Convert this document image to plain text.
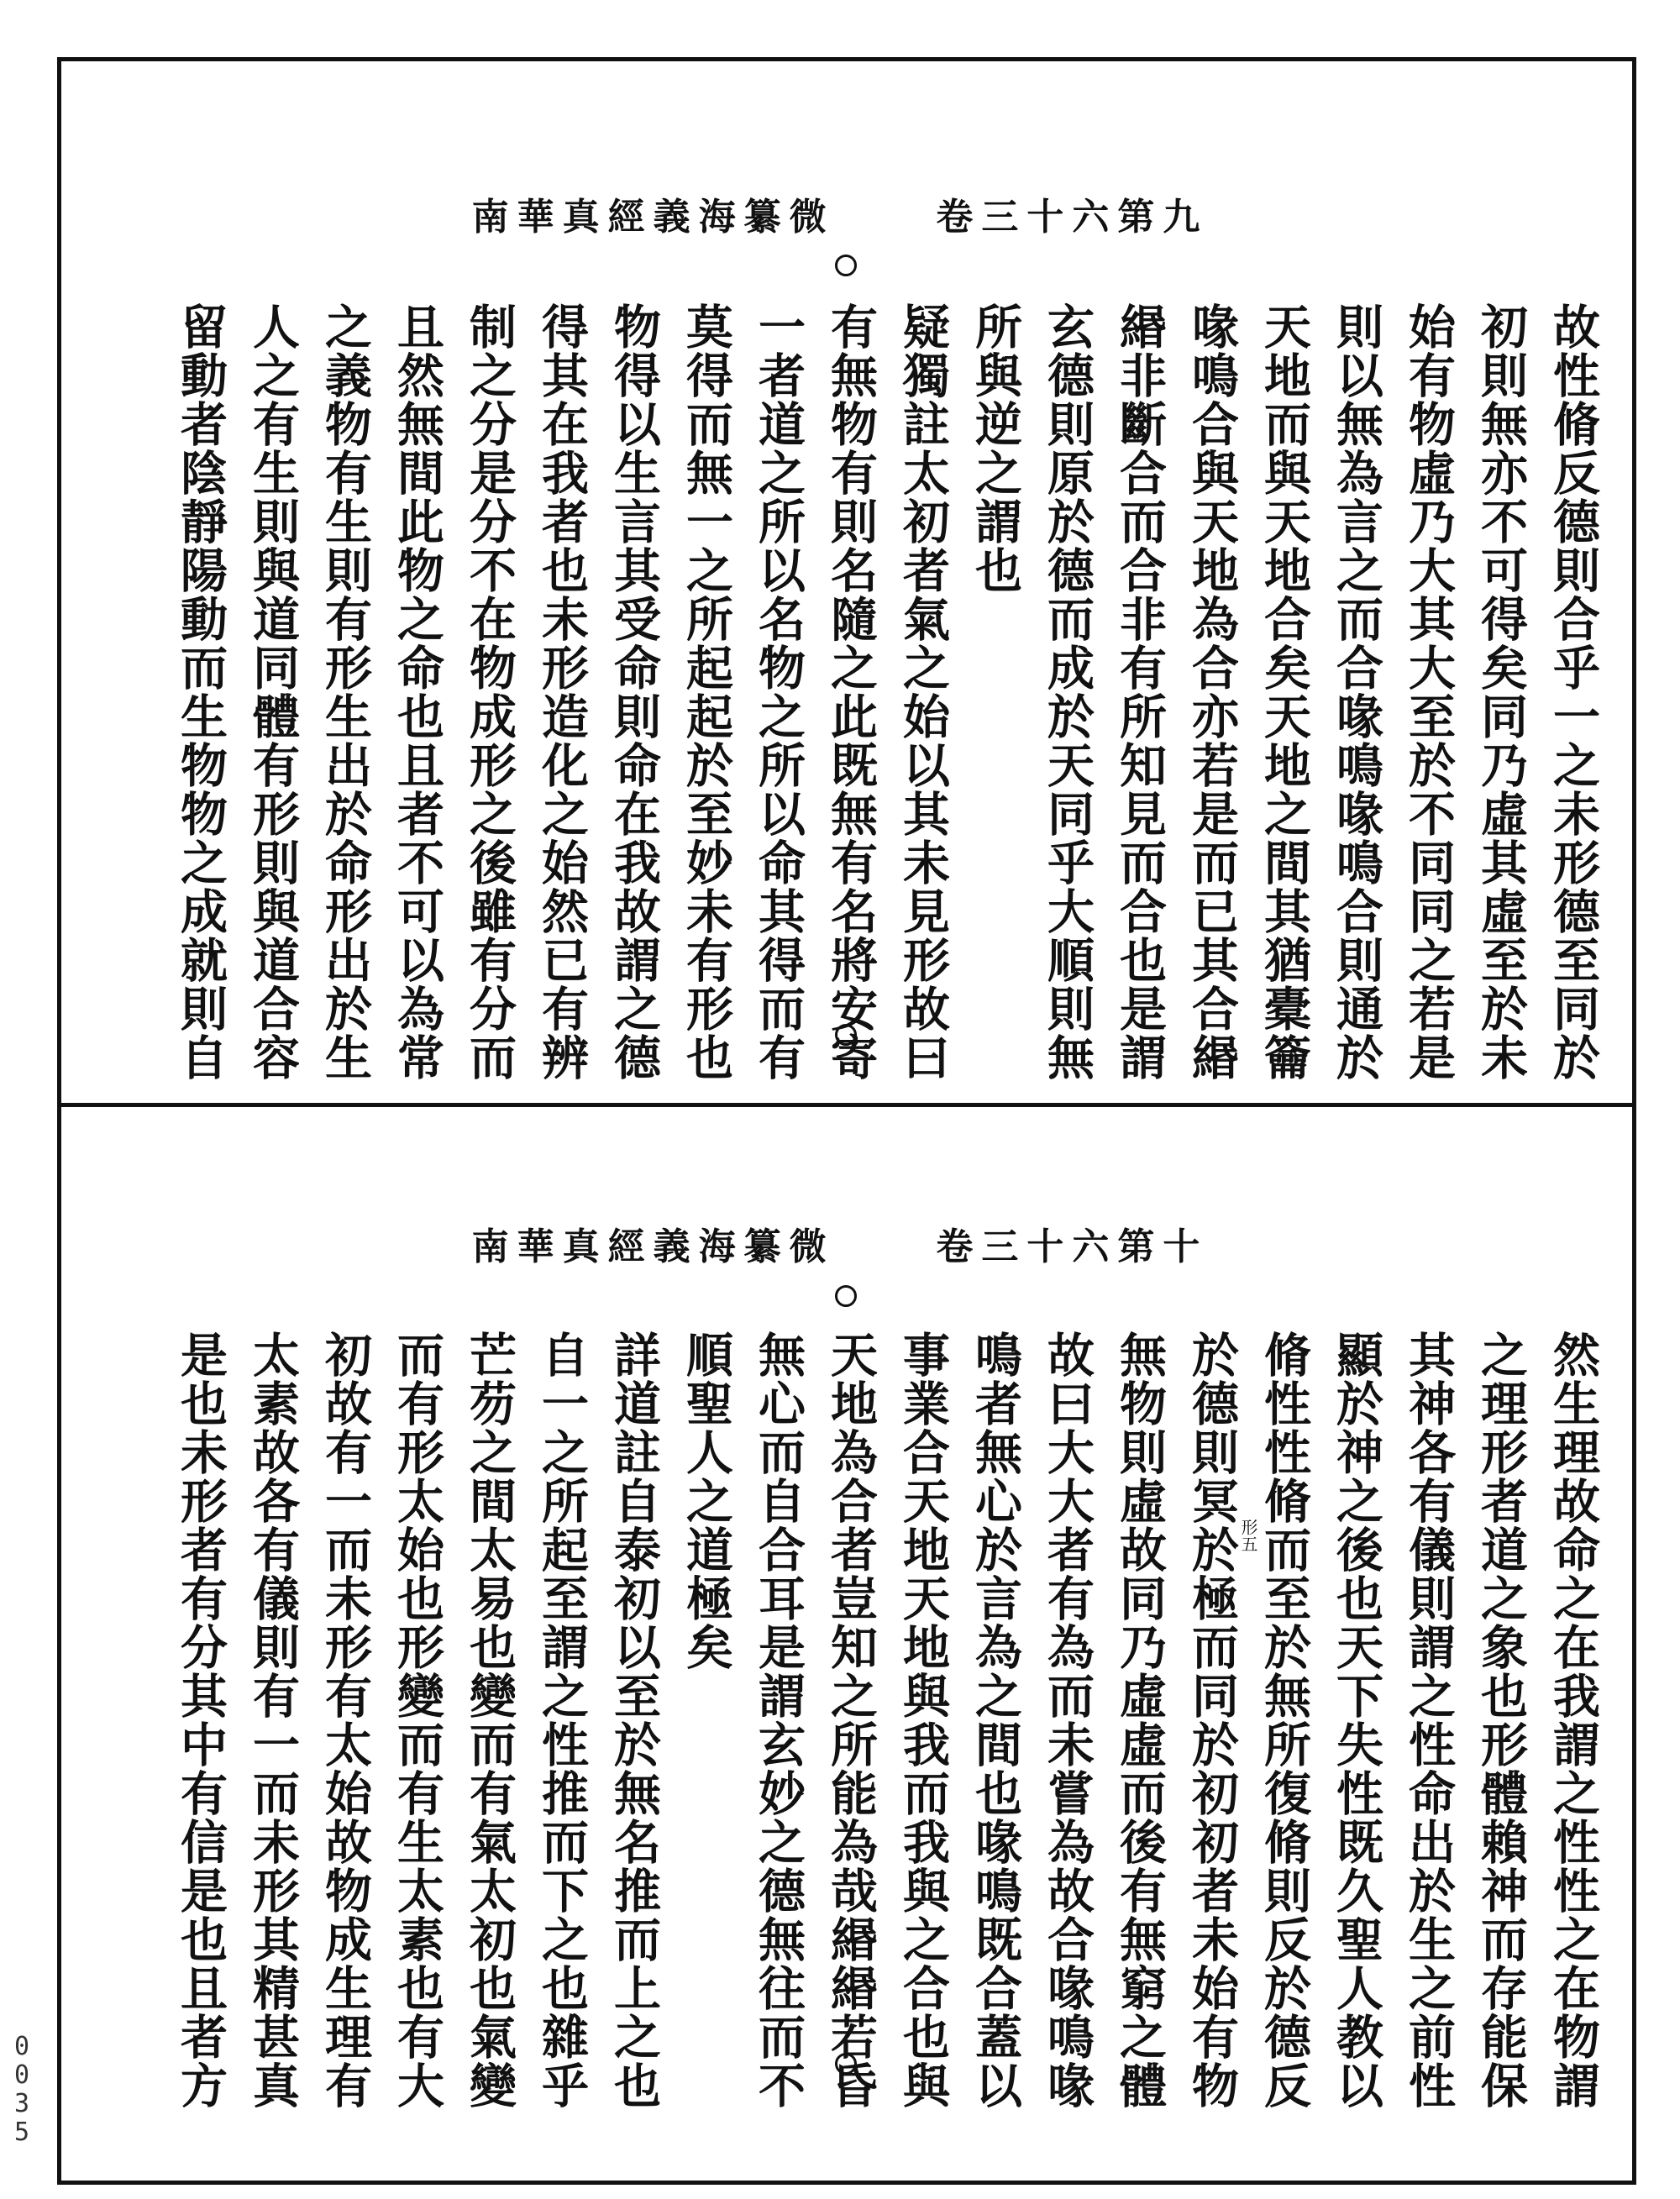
南華真經義海纂微	卷三十六第九
故性脩反德則合乎一之未形德至同於
初則無亦不可得矣同乃虛其虛至於未
始有物虛乃大其大至於不同同之若是
則以無為言之而合喙鳴喙鳴合則通於
天地而與天地合矣天地之間其猶橐籥
喙鳴合與天地為合亦若是而已其合緡
緡非斷合而合非有所知見而合也是謂
玄德則原於德而成於天同乎大順則無
所與逆之謂也
疑獨註太初者氣之始以其未見形故曰
有無物有則名隨之此既無有名將安寄
一者道之所以名物之所以命其得而有
莫得而無一之所起起於至妙未有形也
物得以生言其受命則命在我故謂之德
得其在我者也未形造化之始然已有辨
制之分是分不在物成形之後雖有分而
且然無間此物之命也且者不可以為常
之義物有生則有形生出於命形出於生
人之有生則與道同體有形則與道合容
留動者陰靜陽動而生物物之成就則自
南華真經義海纂微	卷三十六第十
形五	然生理故命之在我謂之性性之在物謂
之理形者道之象也形體賴神而存能保
其神各有儀則謂之性命出於生之前性
顯於神之後也天下失性既久聖人教以
脩性性脩而至於無所復脩則反於德反
於德則冥於極而同於初初者未始有物
無物則虛故同乃虛虛而後有無窮之體
故曰大大者有為而未嘗為故合喙鳴喙
鳴者無心於言為之間也喙鳴既合蓋以
事業合天地天地與我而我與之合也與
天地為合者豈知之所能為哉緡緡若昏
無心而自合耳是謂玄妙之德無往而不
順聖人之道極矣
詳道註自泰初以至於無名推而上之也
自一之所起至謂之性推而下之也雜乎
芒芴之間太易也變而有氣太初也氣變
而有形太始也形變而有生太素也有大
初故有一而未形有太始故物成生理有
太素故各有儀則有一而未形其精甚真
是也未形者有分其中有信是也且者方
0
0
3
5
